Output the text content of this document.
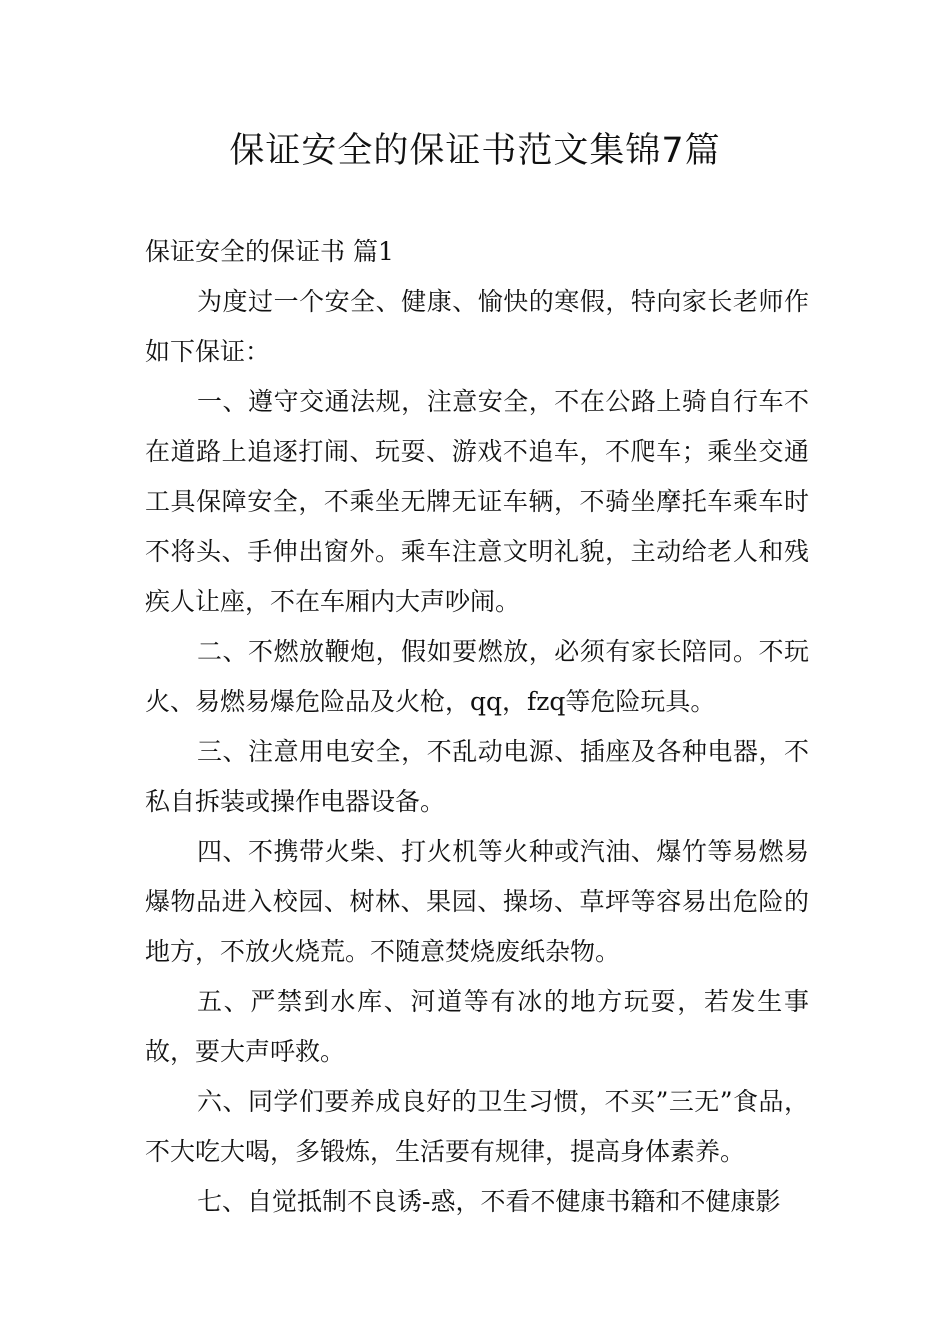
保证安全的保证书范文集锦7篇

保证安全的保证书 篇1

为度过一个安全、健康、愉快的寒假，特向家长老师作如下保证：

一、遵守交通法规，注意安全，不在公路上骑自行车不在道路上追逐打闹、玩耍、游戏不追车，不爬车；乘坐交通工具保障安全，不乘坐无牌无证车辆，不骑坐摩托车乘车时不将头、手伸出窗外。乘车注意文明礼貌，主动给老人和残疾人让座，不在车厢内大声吵闹。

二、不燃放鞭炮，假如要燃放，必须有家长陪同。不玩火、易燃易爆危险品及火枪，qq，fzq等危险玩具。

三、注意用电安全，不乱动电源、插座及各种电器，不私自拆装或操作电器设备。

四、不携带火柴、打火机等火种或汽油、爆竹等易燃易爆物品进入校园、树林、果园、操场、草坪等容易出危险的地方，不放火烧荒。不随意焚烧废纸杂物。

五、严禁到水库、河道等有冰的地方玩耍，若发生事故，要大声呼救。

六、同学们要养成良好的卫生习惯，不买”三无”食品，不大吃大喝，多锻炼，生活要有规律，提高身体素养。

七、自觉抵制不良诱-惑，不看不健康书籍和不健康影
